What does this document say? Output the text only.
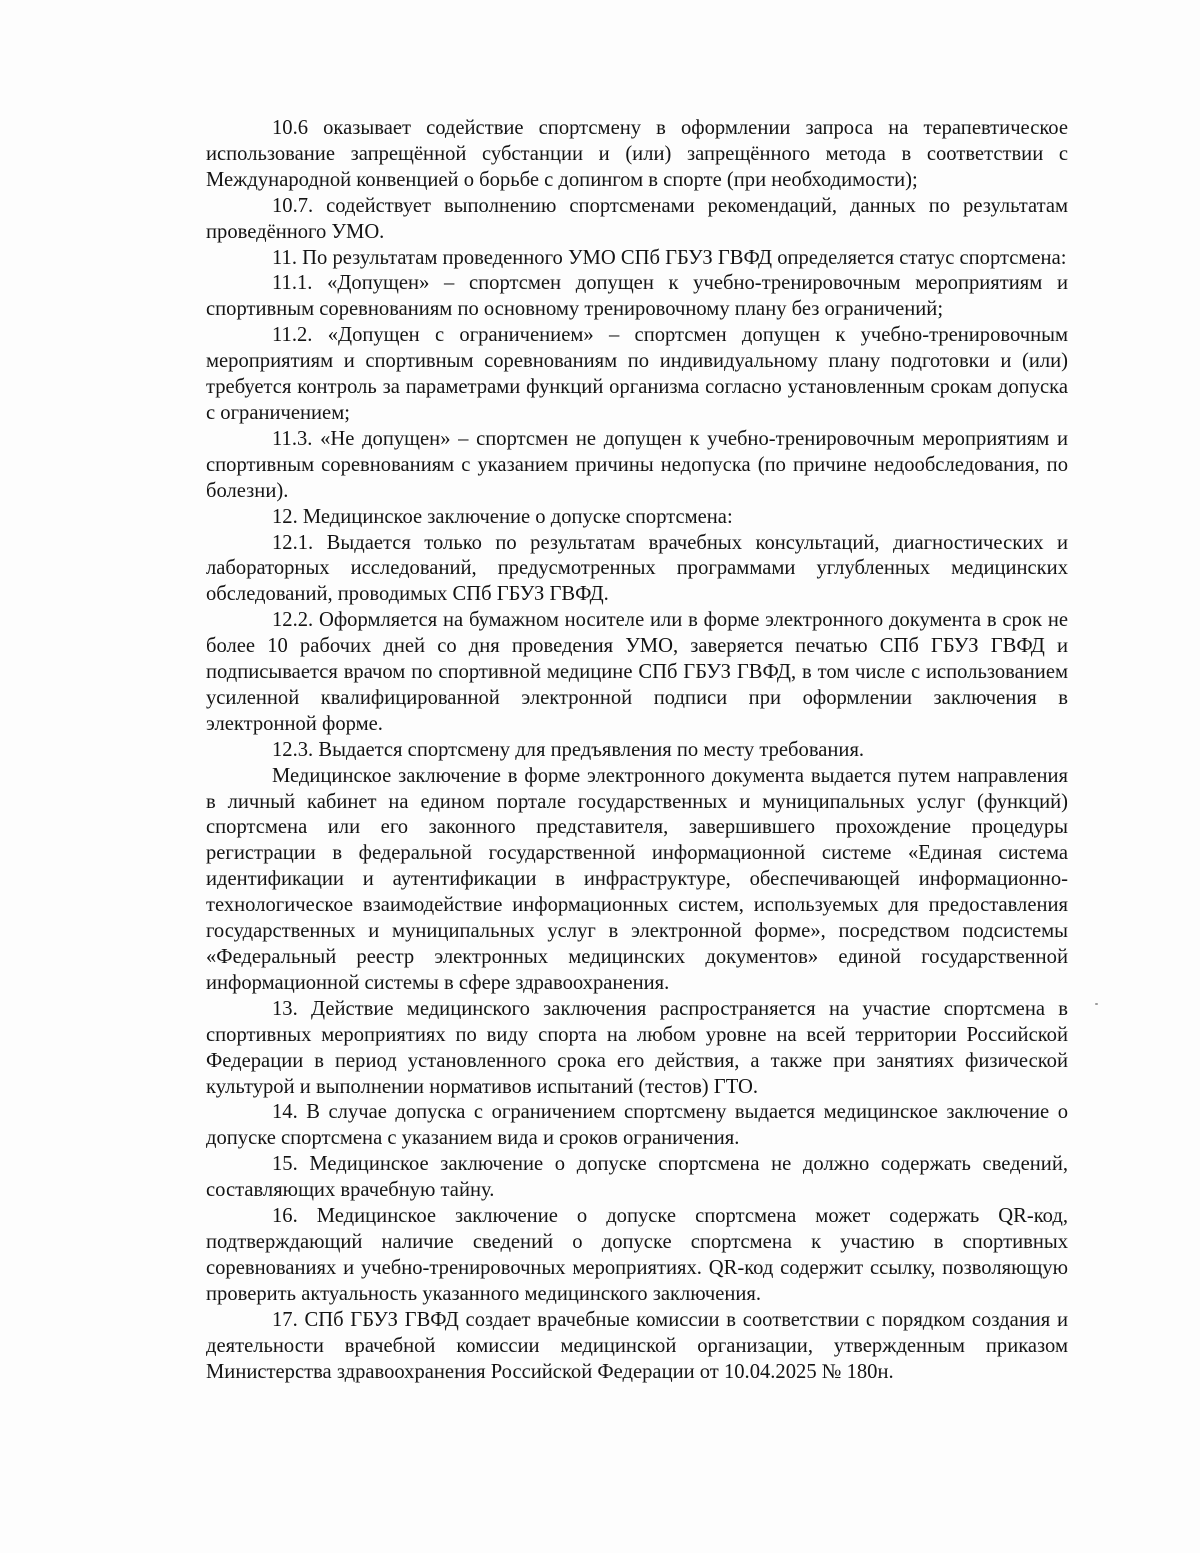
10.6 оказывает содействие спортсмену в оформлении запроса на терапевтическое использование запрещённой субстанции и (или) запрещённого метода в соответствии с Международной конвенцией о борьбе с допингом в спорте (при необходимости);

10.7. содействует выполнению спортсменами рекомендаций, данных по результатам проведённого УМО.

11. По результатам проведенного УМО СПб ГБУЗ ГВФД определяется статус спортсмена:

11.1. «Допущен» – спортсмен допущен к учебно-тренировочным мероприятиям и спортивным соревнованиям по основному тренировочному плану без ограничений;

11.2. «Допущен с ограничением» – спортсмен допущен к учебно-тренировочным мероприятиям и спортивным соревнованиям по индивидуальному плану подготовки и (или) требуется контроль за параметрами функций организма согласно установленным срокам допуска с ограничением;

11.3. «Не допущен» – спортсмен не допущен к учебно-тренировочным мероприятиям и спортивным соревнованиям с указанием причины недопуска (по причине недообследования, по болезни).

12. Медицинское заключение о допуске спортсмена:

12.1. Выдается только по результатам врачебных консультаций, диагностических и лабораторных исследований, предусмотренных программами углубленных медицинских обследований, проводимых СПб ГБУЗ ГВФД.

12.2. Оформляется на бумажном носителе или в форме электронного документа в срок не более 10 рабочих дней со дня проведения УМО, заверяется печатью СПб ГБУЗ ГВФД и подписывается врачом по спортивной медицине СПб ГБУЗ ГВФД, в том числе с использованием усиленной квалифицированной электронной подписи при оформлении заключения в электронной форме.

12.3. Выдается спортсмену для предъявления по месту требования.

Медицинское заключение в форме электронного документа выдается путем направления в личный кабинет на едином портале государственных и муниципальных услуг (функций) спортсмена или его законного представителя, завершившего прохождение процедуры регистрации в федеральной государственной информационной системе «Единая система идентификации и аутентификации в инфраструктуре, обеспечивающей информационно-технологическое взаимодействие информационных систем, используемых для предоставления государственных и муниципальных услуг в электронной форме», посредством подсистемы «Федеральный реестр электронных медицинских документов» единой государственной информационной системы в сфере здравоохранения.

13. Действие медицинского заключения распространяется на участие спортсмена в спортивных мероприятиях по виду спорта на любом уровне на всей территории Российской Федерации в период установленного срока его действия, а также при занятиях физической культурой и выполнении нормативов испытаний (тестов) ГТО.

14. В случае допуска с ограничением спортсмену выдается медицинское заключение о допуске спортсмена с указанием вида и сроков ограничения.

15. Медицинское заключение о допуске спортсмена не должно содержать сведений, составляющих врачебную тайну.

16. Медицинское заключение о допуске спортсмена может содержать QR-код, подтверждающий наличие сведений о допуске спортсмена к участию в спортивных соревнованиях и учебно-тренировочных мероприятиях. QR-код содержит ссылку, позволяющую проверить актуальность указанного медицинского заключения.

17. СПб ГБУЗ ГВФД создает врачебные комиссии в соответствии с порядком создания и деятельности врачебной комиссии медицинской организации, утвержденным приказом Министерства здравоохранения Российской Федерации от 10.04.2025 № 180н.
